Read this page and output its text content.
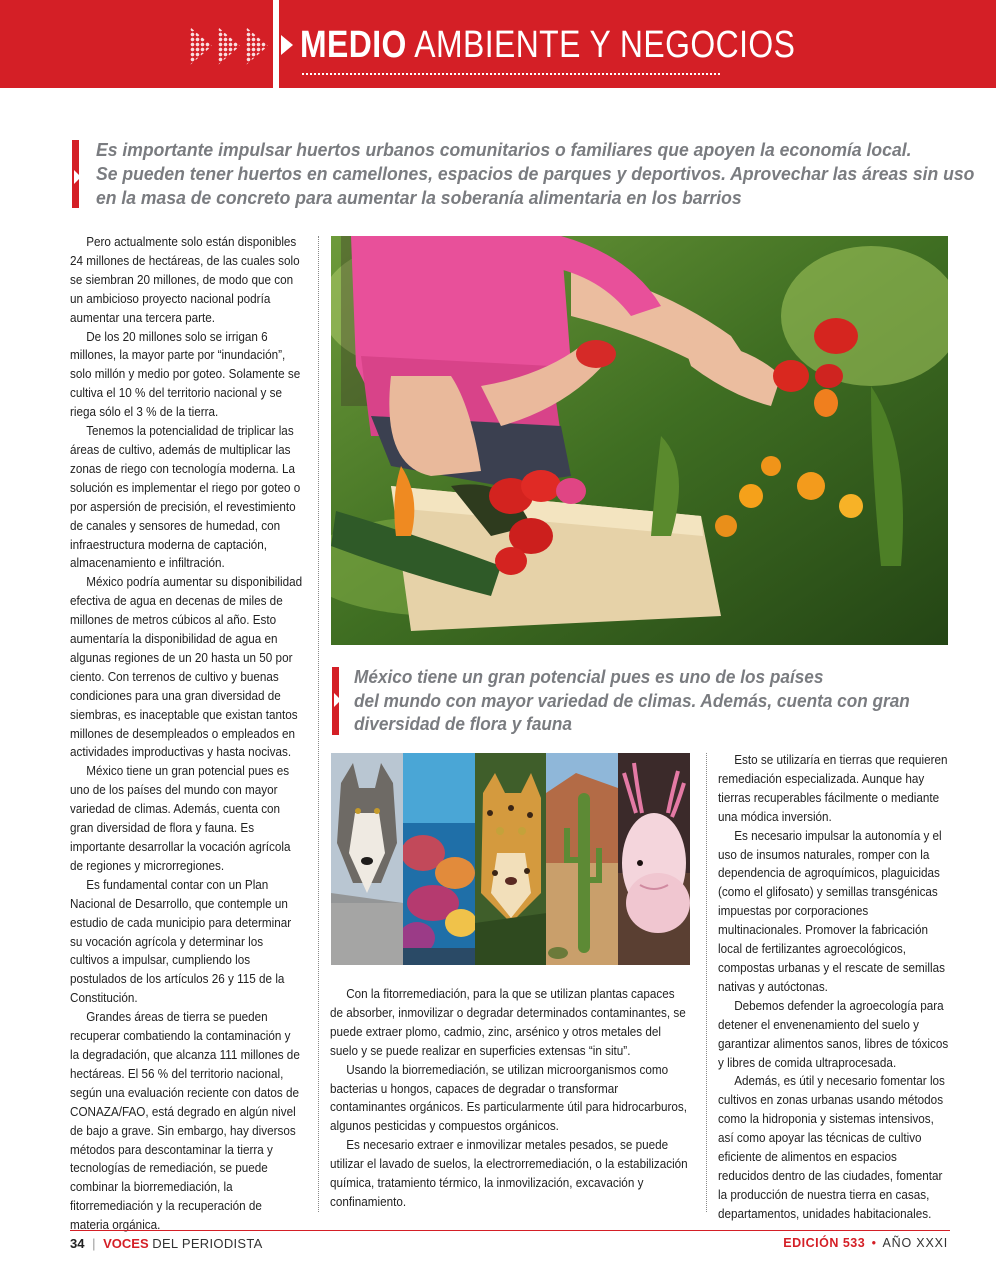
MEDIO AMBIENTE Y NEGOCIOS
Es importante impulsar huertos urbanos comunitarios o familiares que apoyen la economía local.
Se pueden tener huertos en camellones, espacios de parques y deportivos. Aprovechar las áreas sin uso
en la masa de concreto para aumentar la soberanía alimentaria en los barrios

Pero actualmente solo están disponibles 24 millones de hectáreas, de las cuales solo se siembran 20 millones, de modo que con un ambicioso proyecto nacional podría aumentar una tercera parte.

De los 20 millones solo se irrigan 6 millones, la mayor parte por “inundación”, solo millón y medio por goteo. Solamente se cultiva el 10 % del territorio nacional y se riega sólo el 3 % de la tierra.

Tenemos la potencialidad de triplicar las áreas de cultivo, además de multiplicar las zonas de riego con tecnología moderna. La solución es implementar el riego por goteo o por aspersión de precisión, el revestimiento de canales y sensores de humedad, con infraestructura moderna de captación, almacenamiento e infiltración.

México podría aumentar su disponibilidad efectiva de agua en decenas de miles de millones de metros cúbicos al año. Esto aumentaría la disponibilidad de agua en algunas regiones de un 20 hasta un 50 por ciento. Con terrenos de cultivo y buenas condiciones para una gran diversidad de siembras, es inaceptable que existan tantos millones de desempleados o empleados en actividades improductivas y hasta nocivas.

México tiene un gran potencial pues es uno de los países del mundo con mayor variedad de climas. Además, cuenta con gran diversidad de flora y fauna. Es importante desarrollar la vocación agrícola de regiones y microrregiones.

Es fundamental contar con un Plan Nacional de Desarrollo, que contemple un estudio de cada municipio para determinar su vocación agrícola y determinar los cultivos a impulsar, cumpliendo los postulados de los artículos 26 y 115 de la Constitución.

Grandes áreas de tierra se pueden recuperar combatiendo la contaminación y la degradación, que alcanza 111 millones de hectáreas. El 56 % del territorio nacional, según una evaluación reciente con datos de CONAZA/FAO, está degrado en algún nivel de bajo a grave. Sin embargo, hay diversos métodos para descontaminar la tierra y tecnologías de remediación, se puede combinar la biorremediación, la fitorremediación y la recuperación de materia orgánica.

México tiene un gran potencial pues es uno de los países
del mundo con mayor variedad de climas. Además, cuenta con gran
diversidad de flora y fauna

Con la fitorremediación, para la que se utilizan plantas capaces de absorber, inmovilizar o degradar determinados contaminantes, se puede extraer plomo, cadmio, zinc, arsénico y otros metales del suelo y se puede realizar en superficies extensas “in situ”.

Usando la biorremediación, se utilizan microorganismos como bacterias u hongos, capaces de degradar o transformar contaminantes orgánicos. Es particularmente útil para hidrocarburos, algunos pesticidas y compuestos orgánicos.

Es necesario extraer e inmovilizar metales pesados, se puede utilizar el lavado de suelos, la electrorremediación, o la estabilización química, tratamiento térmico, la inmovilización, excavación y confinamiento.

Esto se utilizaría en tierras que requieren remediación especializada. Aunque hay tierras recuperables fácilmente o mediante una módica inversión.

Es necesario impulsar la autonomía y el uso de insumos naturales, romper con la dependencia de agroquímicos, plaguicidas (como el glifosato) y semillas transgénicas impuestas por corporaciones multinacionales. Promover la fabricación local de fertilizantes agroecológicos, compostas urbanas y el rescate de semillas nativas y autóctonas.

Debemos defender la agroecología para detener el envenenamiento del suelo y garantizar alimentos sanos, libres de tóxicos y libres de comida ultraprocesada.

Además, es útil y necesario fomentar los cultivos en zonas urbanas usando métodos como la hidroponia y sistemas intensivos, así como apoyar las técnicas de cultivo eficiente de alimentos en espacios reducidos dentro de las ciudades, fomentar la producción de nuestra tierra en casas, departamentos, unidades habitacionales.

34 | VOCES DEL PERIODISTA	EDICIÓN 533 • AÑO XXXI
